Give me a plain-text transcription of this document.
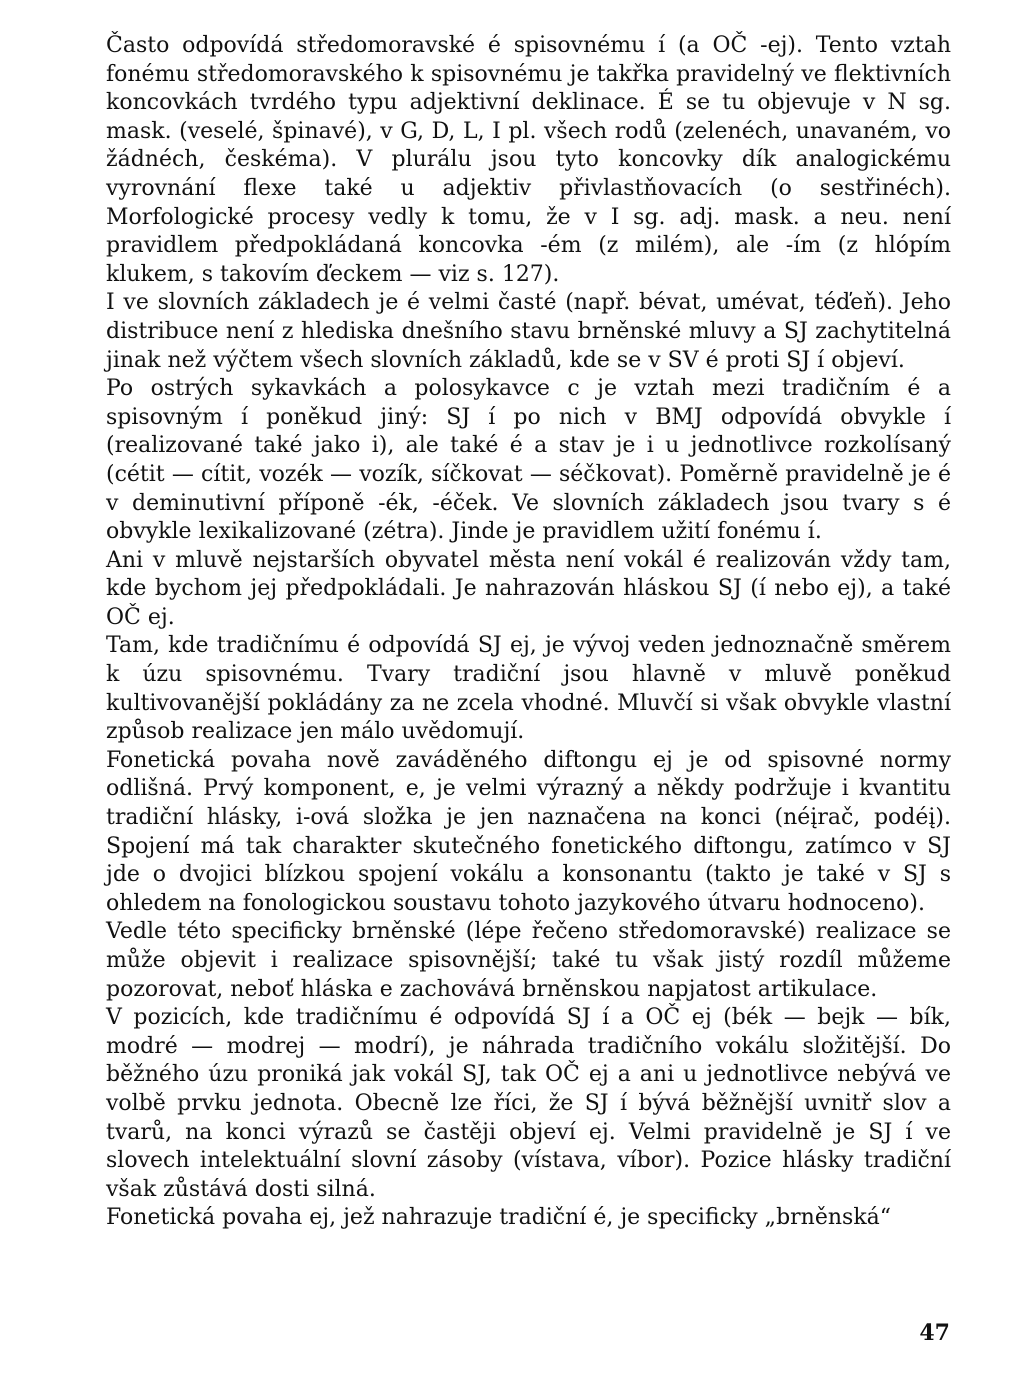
Často odpovídá středomoravské é spisovnému í (a OČ -ej). Tento vztah fonému středomoravského k spisovnému je takřka pravidelný ve flektivních koncovkách tvrdého typu adjektivní deklinace. É se tu objevuje v N sg. mask. (veselé, špinavé), v G, D, L, I pl. všech rodů (zelenéch, unavaném, vo žádnéch, českéma). V plurálu jsou tyto koncovky dík analogickému vyrovnání flexe také u adjektiv přivlastňovacích (o sestřinéch). Morfologické procesy vedly k tomu, že v I sg. adj. mask. a neu. není pravidlem předpokládaná koncovka -ém (z milém), ale -ím (z hlópím klukem, s takovím ďeckem — viz s. 127).

I ve slovních základech je é velmi časté (např. bévat, umévat, téďeň). Jeho distribuce není z hlediska dnešního stavu brněnské mluvy a SJ zachytitelná jinak než výčtem všech slovních základů, kde se v SV é proti SJ í objeví.

Po ostrých sykavkách a polosykavce c je vztah mezi tradičním é a spisovným í poněkud jiný: SJ í po nich v BMJ odpovídá obvykle í (realizované také jako i), ale také é a stav je i u jednotlivce rozkolísaný (cétit — cítit, vozék — vozík, síčkovat — séčkovat). Poměrně pravidelně je é v deminutivní příponě -ék, -éček. Ve slovních základech jsou tvary s é obvykle lexikalizované (zétra). Jinde je pravidlem užití fonému í.

Ani v mluvě nejstarších obyvatel města není vokál é realizován vždy tam, kde bychom jej předpokládali. Je nahrazován hláskou SJ (í nebo ej), a také OČ ej.

Tam, kde tradičnímu é odpovídá SJ ej, je vývoj veden jednoznačně směrem k úzu spisovnému. Tvary tradiční jsou hlavně v mluvě poněkud kultivovanější pokládány za ne zcela vhodné. Mluvčí si však obvykle vlastní způsob realizace jen málo uvědomují.

Fonetická povaha nově zaváděného diftongu ej je od spisovné normy odlišná. Prvý komponent, e, je velmi výrazný a někdy podržuje i kvantitu tradiční hlásky, i-ová složka je jen naznačena na konci (néįrač, podéį). Spojení má tak charakter skutečného fonetického diftongu, zatímco v SJ jde o dvojici blízkou spojení vokálu a konsonantu (takto je také v SJ s ohledem na fonologickou soustavu tohoto jazykového útvaru hodnoceno).

Vedle této specificky brněnské (lépe řečeno středomoravské) realizace se může objevit i realizace spisovnější; také tu však jistý rozdíl můžeme pozorovat, neboť hláska e zachovává brněnskou napjatost artikulace.

V pozicích, kde tradičnímu é odpovídá SJ í a OČ ej (bék — bejk — bík, modré — modrej — modrí), je náhrada tradičního vokálu složitější. Do běžného úzu proniká jak vokál SJ, tak OČ ej a ani u jednotlivce nebývá ve volbě prvku jednota. Obecně lze říci, že SJ í bývá běžnější uvnitř slov a tvarů, na konci výrazů se častěji objeví ej. Velmi pravidelně je SJ í ve slovech intelektuální slovní zásoby (vístava, víbor). Pozice hlásky tradiční však zůstává dosti silná.

Fonetická povaha ej, jež nahrazuje tradiční é, je specificky „brněnská“

47
